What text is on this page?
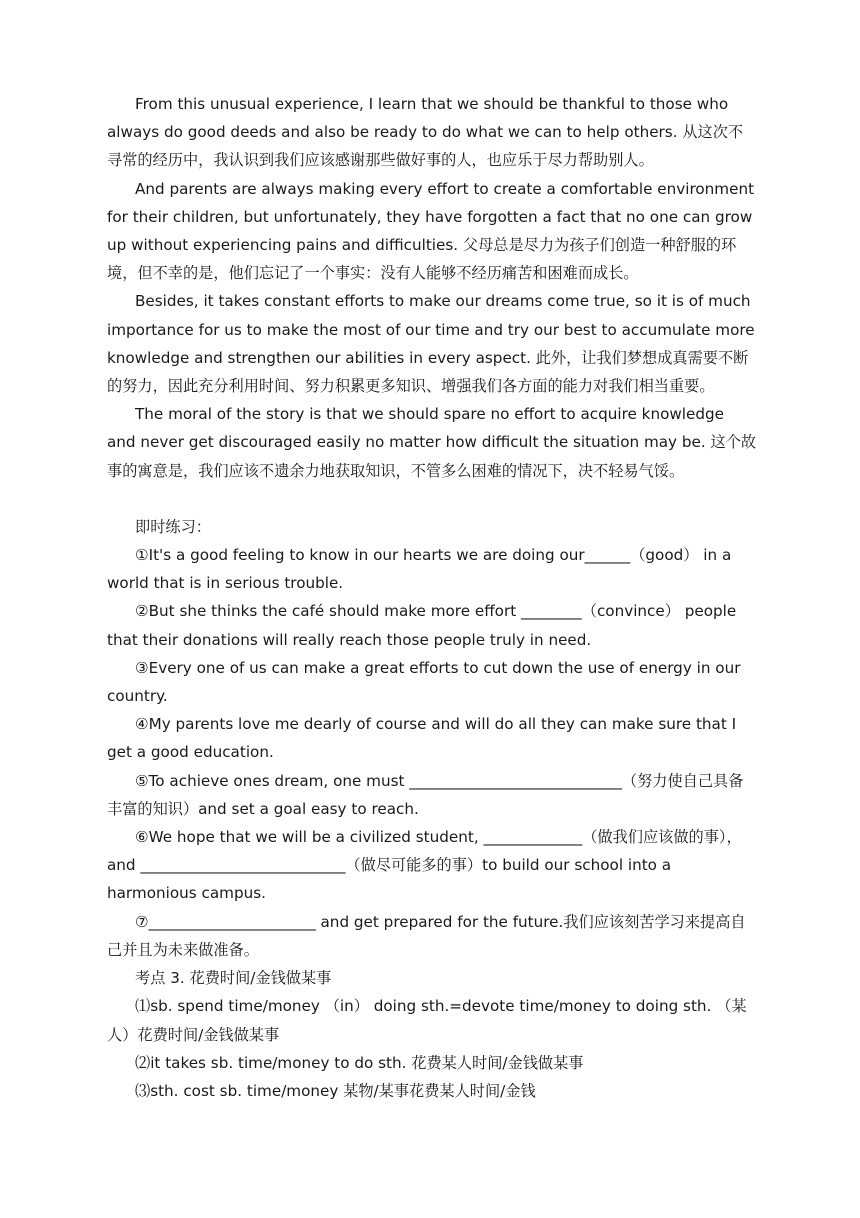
From this unusual experience, I learn that we should be thankful to those who always do good deeds and also be ready to do what we can to help others. 从这次不寻常的经历中，我认识到我们应该感谢那些做好事的人，也应乐于尽力帮助别人。

And parents are always making every effort to create a comfortable environment for their children, but unfortunately, they have forgotten a fact that no one can grow up without experiencing pains and difficulties. 父母总是尽力为孩子们创造一种舒服的环境，但不幸的是，他们忘记了一个事实：没有人能够不经历痛苦和困难而成长。

Besides, it takes constant efforts to make our dreams come true, so it is of much importance for us to make the most of our time and try our best to accumulate more knowledge and strengthen our abilities in every aspect. 此外，让我们梦想成真需要不断的努力，因此充分利用时间、努力积累更多知识、增强我们各方面的能力对我们相当重要。

The moral of the story is that we should spare no effort to acquire knowledge and never get discouraged easily no matter how difficult the situation may be. 这个故事的寓意是，我们应该不遗余力地获取知识，不管多么困难的情况下，决不轻易气馁。

即时练习：

①It's a good feeling to know in our hearts we are doing our______（good） in a world that is in serious trouble.

②But she thinks the café should make more effort ________（convince） people that their donations will really reach those people truly in need.

③Every one of us can make a great efforts to cut down the use of energy in our country.

④My parents love me dearly of course and will do all they can make sure that I get a good education.

⑤To achieve ones dream, one must ____________________________（努力使自己具备丰富的知识）and set a goal easy to reach.

⑥We hope that we will be a civilized student, _____________（做我们应该做的事），and ___________________________（做尽可能多的事）to build our school into a harmonious campus.

⑦______________________ and get prepared for the future.我们应该刻苦学习来提高自己并且为未来做准备。

考点 3. 花费时间/金钱做某事

⑴sb. spend time/money （in） doing sth.=devote time/money to doing sth. （某人）花费时间/金钱做某事

⑵it takes sb. time/money to do sth. 花费某人时间/金钱做某事

⑶sth. cost sb. time/money 某物/某事花费某人时间/金钱
